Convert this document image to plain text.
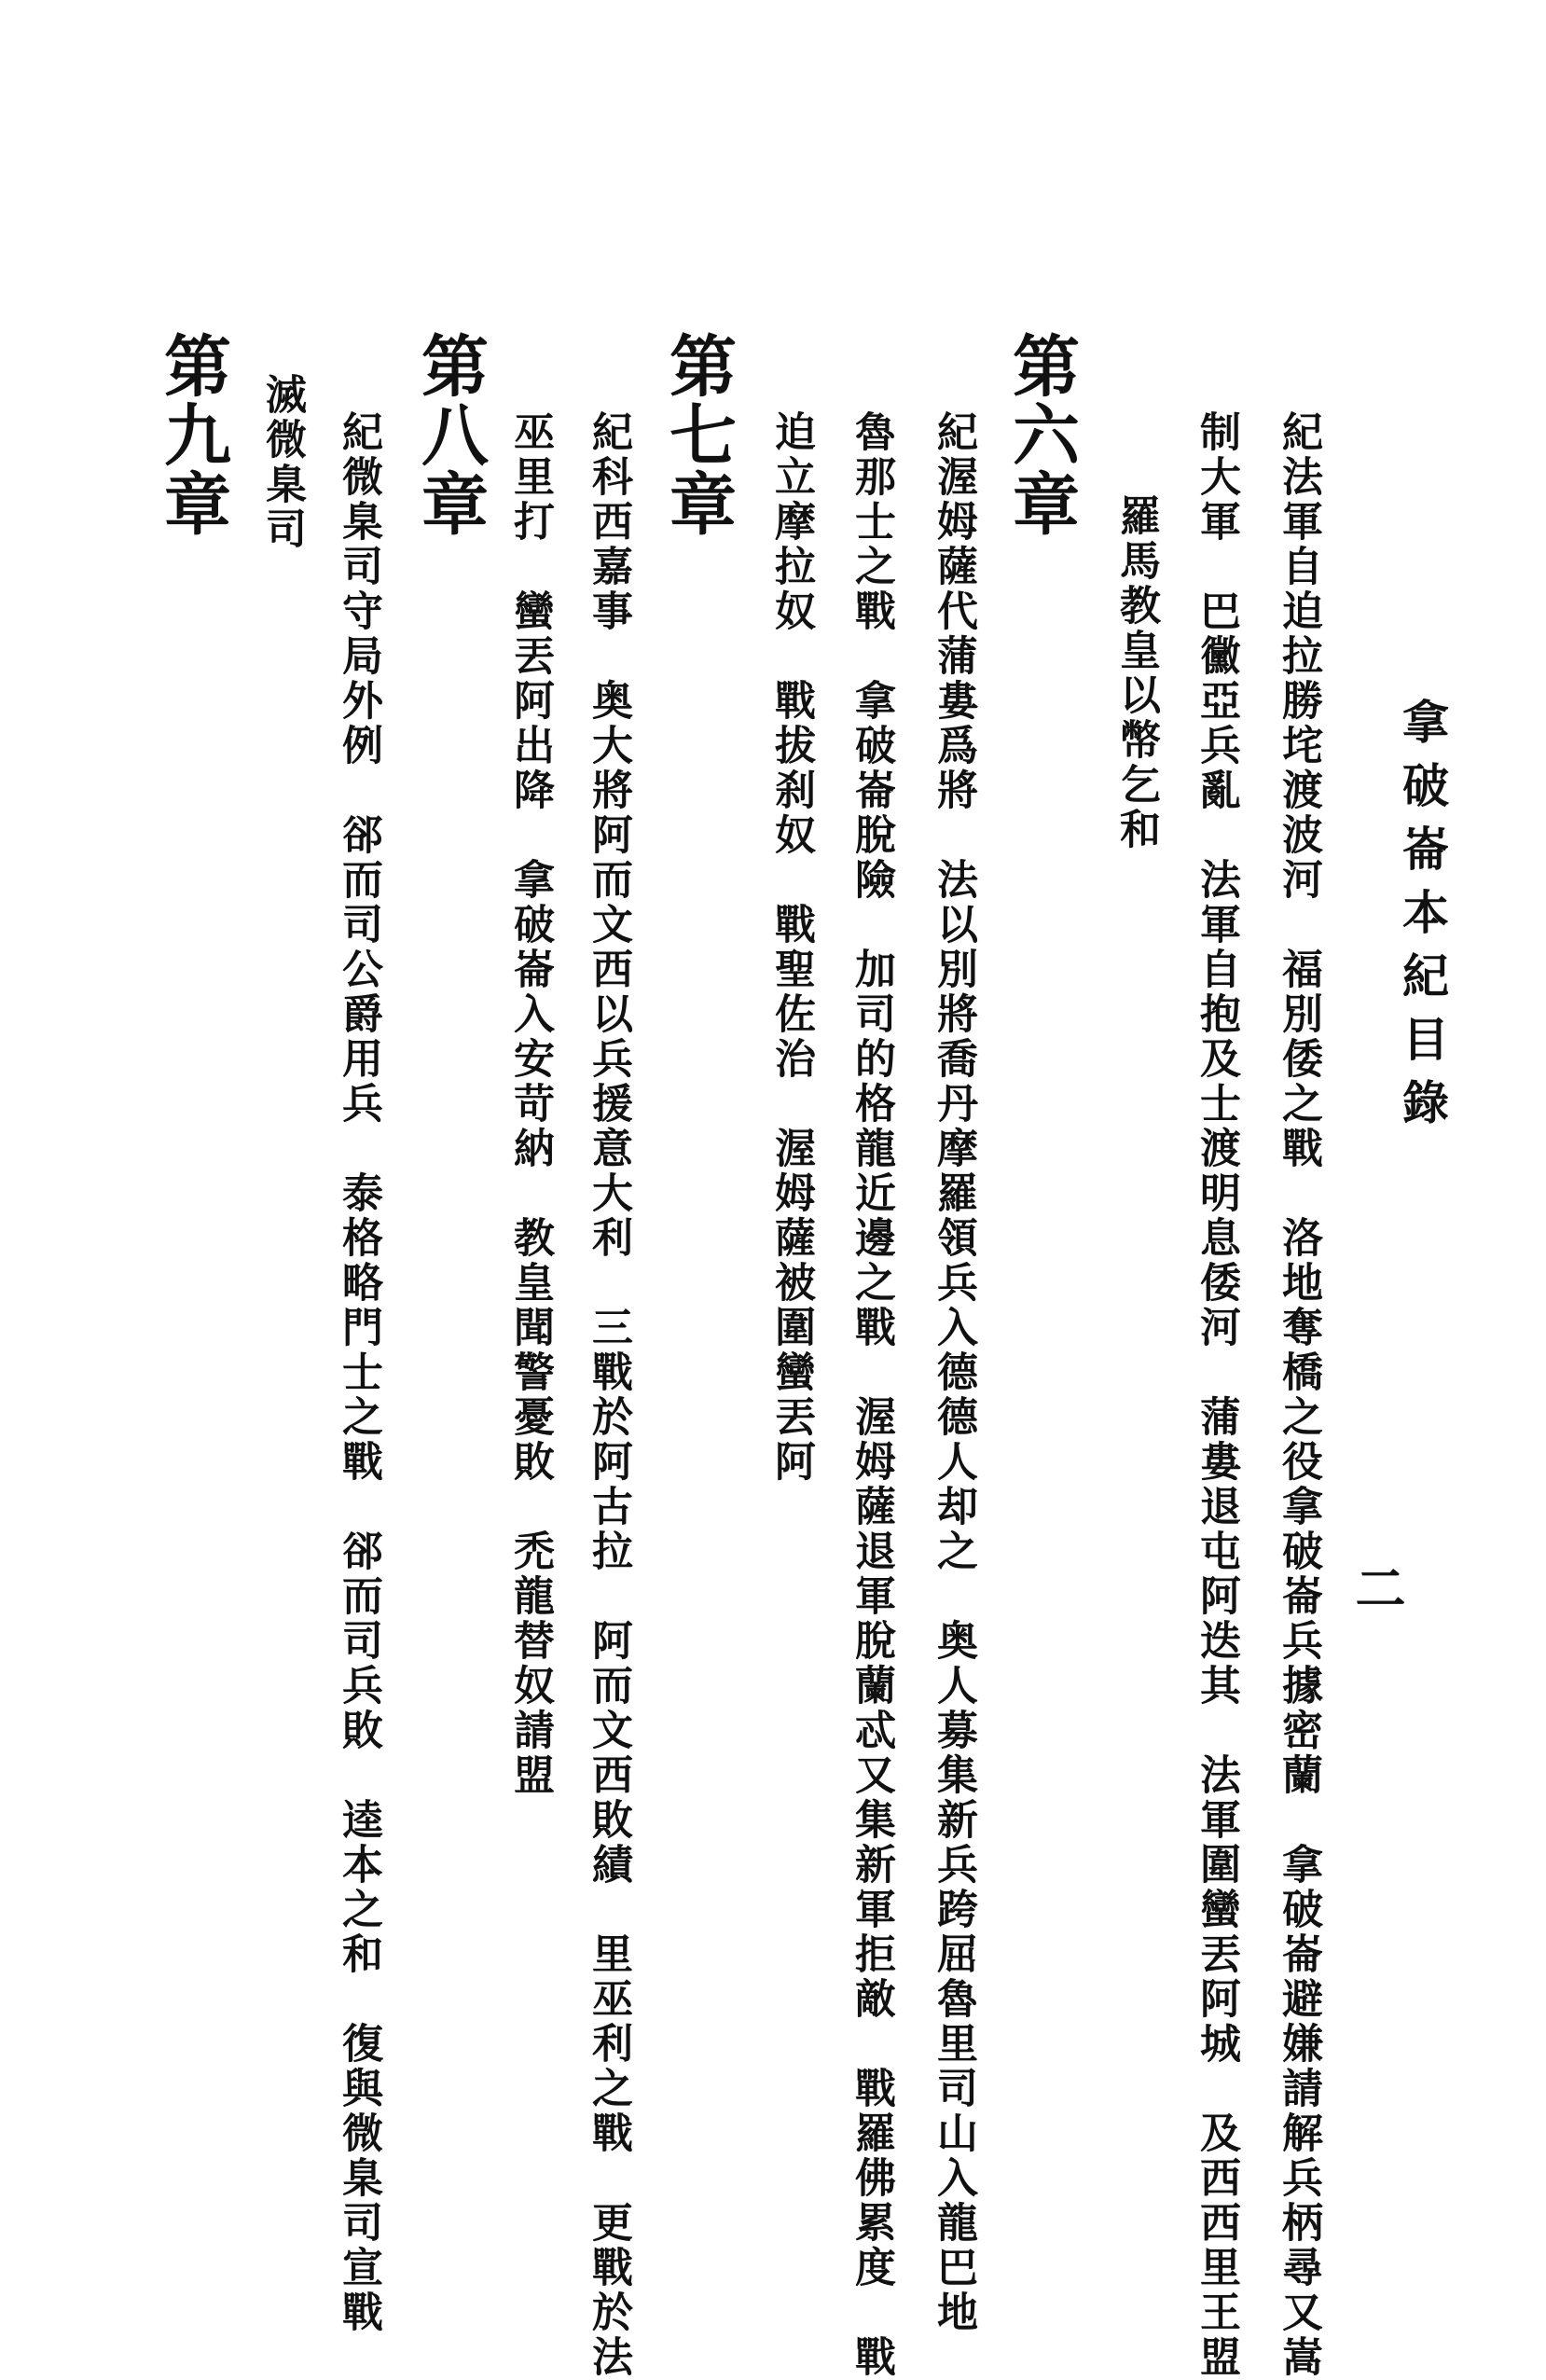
拿破崙本紀目錄

二
紀法軍自迫拉勝垞渡波河　福別倭之戰　洛地奪橋之役拿破崙兵據密蘭　拿破崙避嫌請解兵柄尋又嵩
制大軍　巴黴亞兵亂　法軍自抱及士渡明息倭河　蒲婁退屯阿迭其　法軍圍蠻丟阿城　及西西里王盟
羅馬教皇以幣乞和
第六章
紀渥姆薩代蒲婁爲將　法以別將喬丹摩羅領兵入德德人却之　奥人募集新兵跨屈魯里司山入龍巴地
魯那士之戰　拿破崙脫險　加司的格龍近邊之戰　渥姆薩退軍脫蘭忒又集新軍拒敵　戰羅佛累度　戰
迫立摩拉奴　戰拔刹奴　戰聖佐治　渥姆薩被圍蠻丟阿
第七章
紀科西嘉事　奥大將阿而文西以兵援意大利　三戰於阿古拉　阿而文西敗績　里巫利之戰　更戰於法
巫里打　蠻丟阿出降　拿破崙入安苛納　教皇聞警憂敗　禿龍替奴請盟
第八章
紀微臬司守局外例　郤而司公爵用兵　泰格略門士之戰　郤而司兵敗　逵本之和　復與微臬司宣戰
滅微臬司
第九章
